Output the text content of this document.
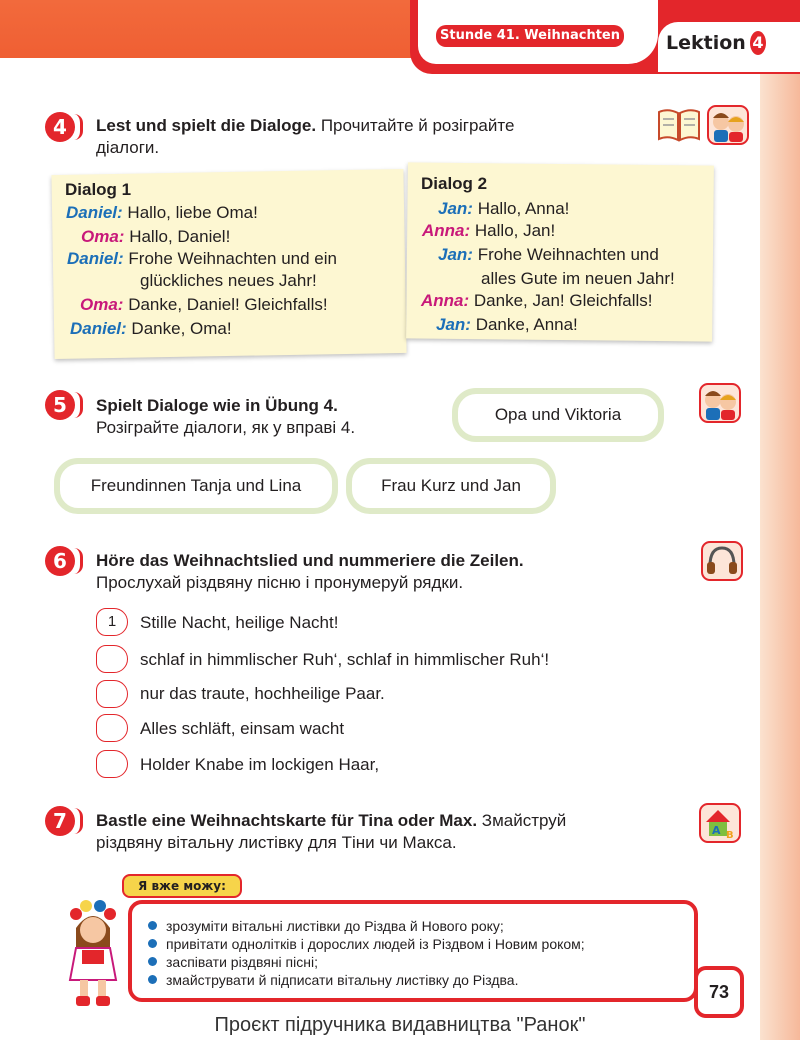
Stunde 41. Weihnachten Lektion 4
4	Lest und spielt die Dialoge. Прочитайте й розіграйте
діалоги.
Dialog 1
Daniel: Hallo, liebe Oma!
Oma: Hallo, Daniel!
Daniel: Frohe Weihnachten und ein
glückliches neues Jahr!
Oma: Danke, Daniel! Gleichfalls!
Daniel: Danke, Oma!
Dialog 2
Jan: Hallo, Anna!
Anna: Hallo, Jan!
Jan: Frohe Weihnachten und
alles Gute im neuen Jahr!
Anna: Danke, Jan! Gleichfalls!
Jan: Danke, Anna!
5	Spielt Dialoge wie in Übung 4.
Розіграйте діалоги, як у вправі 4.
Opa und Viktoria
Freundinnen Tanja und Lina	Frau Kurz und Jan
6	Höre das Weihnachtslied und nummeriere die Zeilen.
Прослухай різдвяну пісню і пронумеруй рядки.
1	Stille Nacht, heilige Nacht!
schlaf in himmlischer Ruh‘, schlaf in himmlischer Ruh‘!
nur das traute, hochheilige Paar.
Alles schläft, einsam wacht
Holder Knabe im lockigen Haar,
7	Bastle eine Weihnachtskarte für Tina oder Max. Змайструй
різдвяну вітальну листівку для Тіни чи Макса.
A B
Я вже можу:
зрозуміти вітальні листівки до Різдва й Нового року;
привітати однолітків і дорослих людей із Різдвом і Новим роком;
заспівати різдвяні пісні;
змайструвати й підписати вітальну листівку до Різдва.
73
Проєкт підручника видавництва "Ранок"
